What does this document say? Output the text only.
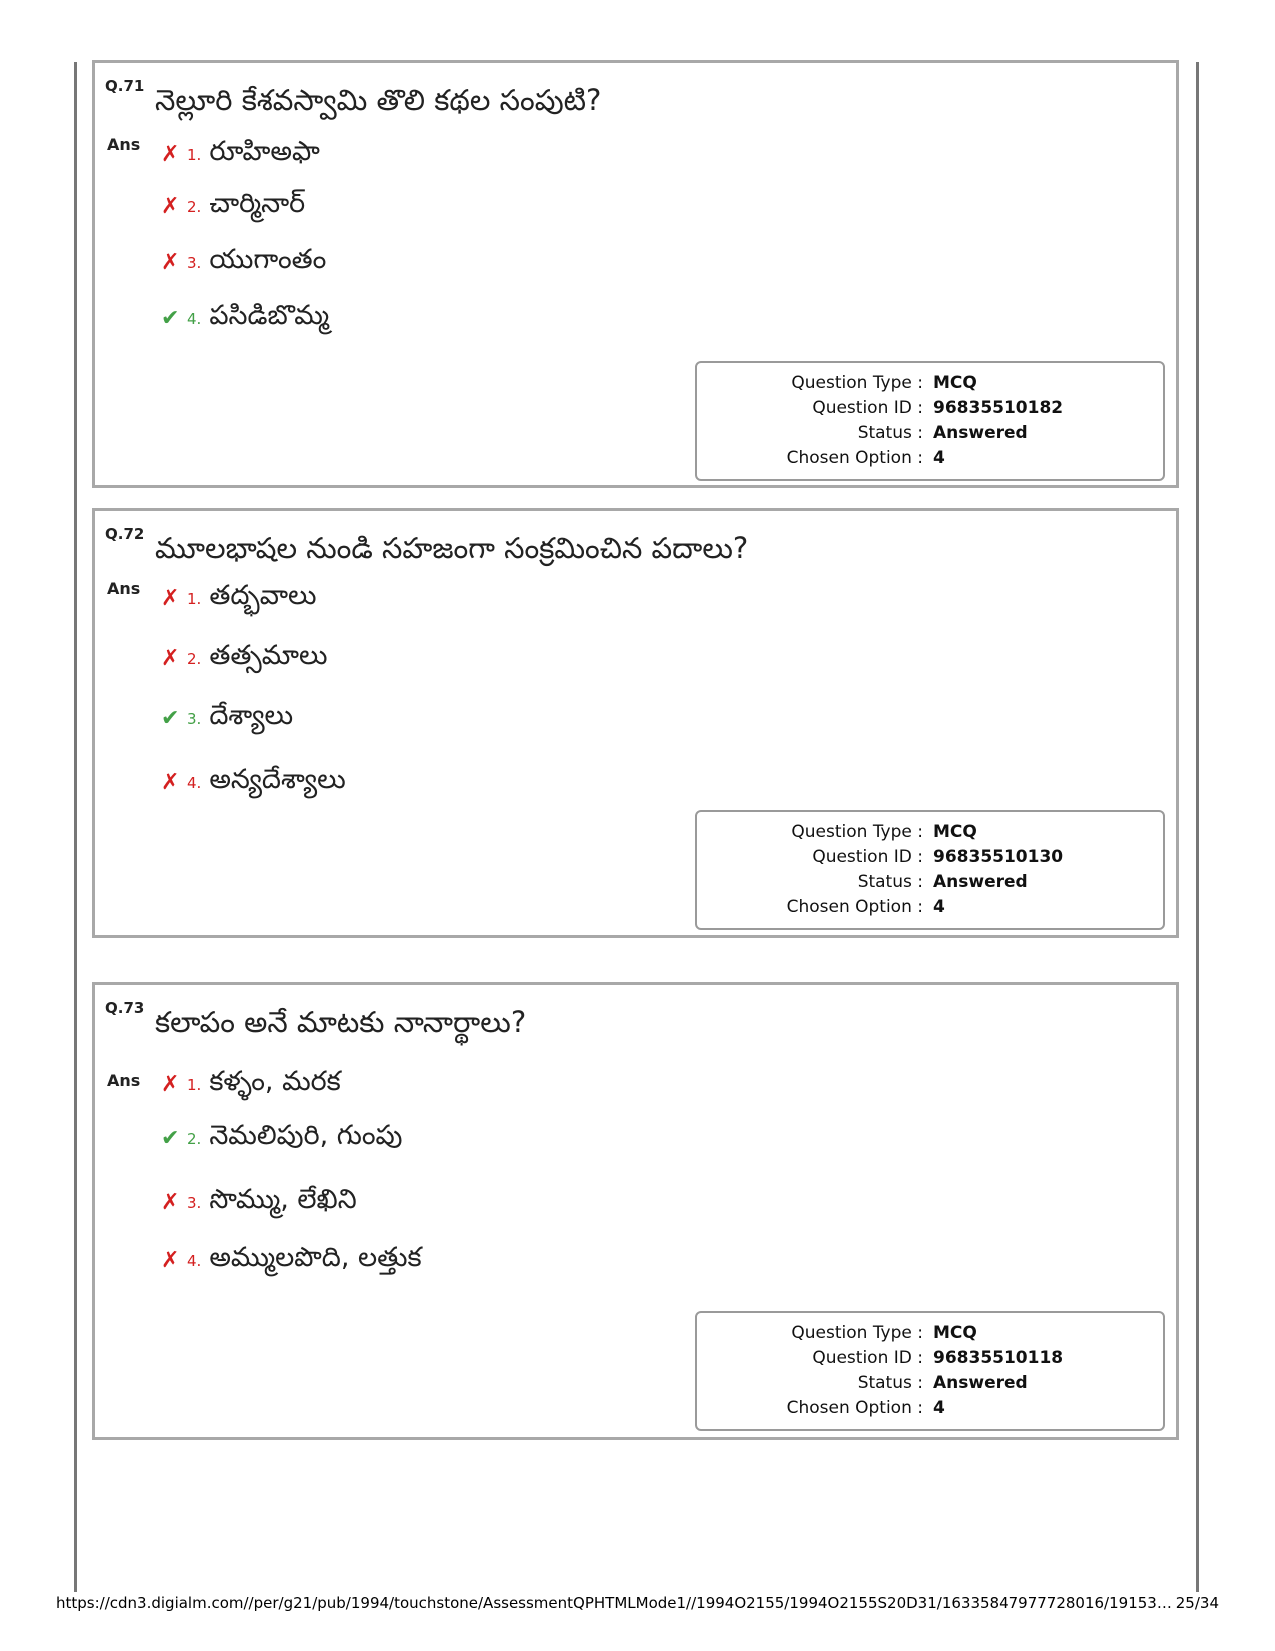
Q.71 నెల్లూరి కేశవస్వామి తొలి కథల సంపుటి?
Ans ✗ 1. రూహిఅఫా
✗ 2. చార్మినార్
✗ 3. యుగాంతం
✔ 4. పసిడిబొమ్మ
Question Type : MCQ
Question ID : 96835510182
Status : Answered
Chosen Option : 4
Q.72 మూలభాషల నుండి సహజంగా సంక్రమించిన పదాలు?
Ans ✗ 1. తద్భవాలు
✗ 2. తత్సమాలు
✔ 3. దేశ్యాలు
✗ 4. అన్యదేశ్యాలు
Question Type : MCQ
Question ID : 96835510130
Status : Answered
Chosen Option : 4
Q.73 కలాపం అనే మాటకు నానార్థాలు?
Ans ✗ 1. కళ్ళం, మరక
✔ 2. నెమలిపురి, గుంపు
✗ 3. సొమ్ము, లేఖిని
✗ 4. అమ్ములపొది, లత్తుక
Question Type : MCQ
Question ID : 96835510118
Status : Answered
Chosen Option : 4
https://cdn3.digialm.com//per/g21/pub/1994/touchstone/AssessmentQPHTMLMode1//1994O2155/1994O2155S20D31/16335847977728016/19153… 25/34
